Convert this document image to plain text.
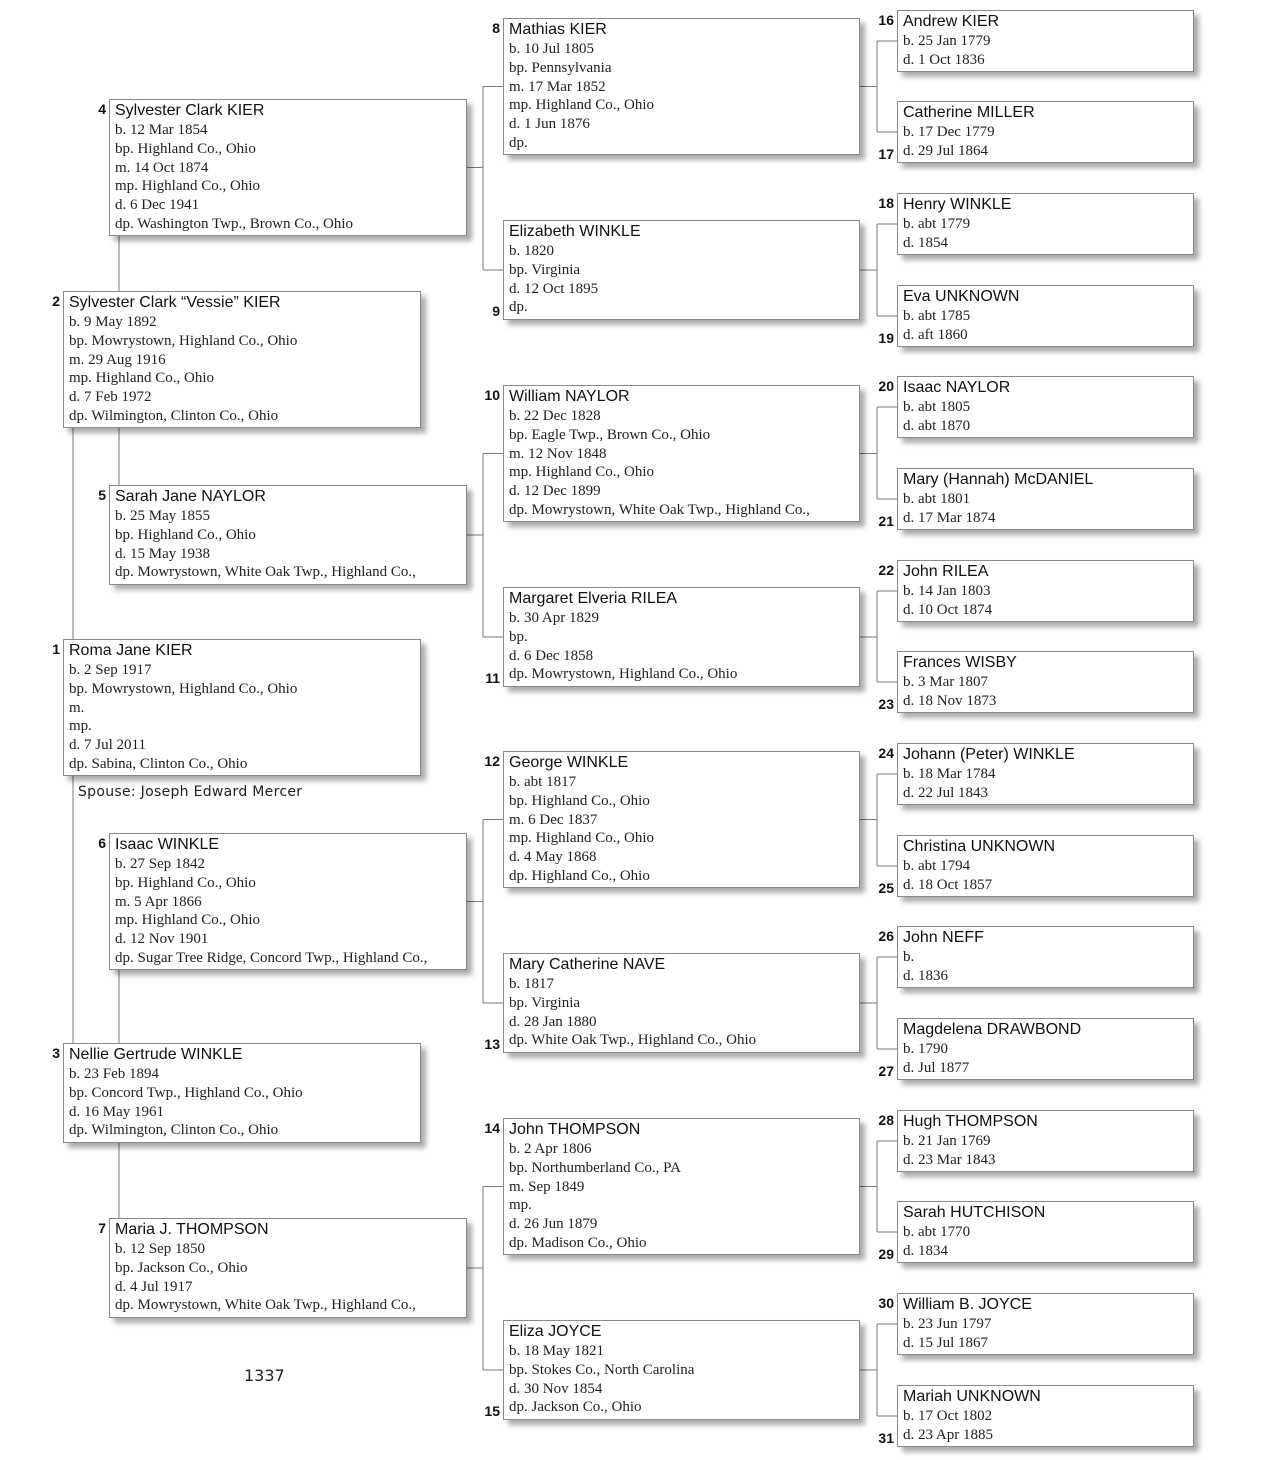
1 Roma Jane KIER
b. 2 Sep 1917
bp. Mowrystown, Highland Co., Ohio
m.
mp.
d. 7 Jul 2011
dp. Sabina, Clinton Co., Ohio
2 Sylvester Clark “Vessie” KIER
b. 9 May 1892
bp. Mowrystown, Highland Co., Ohio
m. 29 Aug 1916
mp. Highland Co., Ohio
d. 7 Feb 1972
dp. Wilmington, Clinton Co., Ohio
3 Nellie Gertrude WINKLE
b. 23 Feb 1894
bp. Concord Twp., Highland Co., Ohio
d. 16 May 1961
dp. Wilmington, Clinton Co., Ohio
4 Sylvester Clark KIER
b. 12 Mar 1854
bp. Highland Co., Ohio
m. 14 Oct 1874
mp. Highland Co., Ohio
d. 6 Dec 1941
dp. Washington Twp., Brown Co., Ohio
5 Sarah Jane NAYLOR
b. 25 May 1855
bp. Highland Co., Ohio
d. 15 May 1938
dp. Mowrystown, White Oak Twp., Highland Co.,
6 Isaac WINKLE
b. 27 Sep 1842
bp. Highland Co., Ohio
m. 5 Apr 1866
mp. Highland Co., Ohio
d. 12 Nov 1901
dp. Sugar Tree Ridge, Concord Twp., Highland Co.,
7 Maria J. THOMPSON
b. 12 Sep 1850
bp. Jackson Co., Ohio
d. 4 Jul 1917
dp. Mowrystown, White Oak Twp., Highland Co.,
8 Mathias KIER
b. 10 Jul 1805
bp. Pennsylvania
m. 17 Mar 1852
mp. Highland Co., Ohio
d. 1 Jun 1876
dp.
9
Elizabeth WINKLE
b. 1820
bp. Virginia
d. 12 Oct 1895
dp.
10 William NAYLOR
b. 22 Dec 1828
bp. Eagle Twp., Brown Co., Ohio
m. 12 Nov 1848
mp. Highland Co., Ohio
d. 12 Dec 1899
dp. Mowrystown, White Oak Twp., Highland Co.,
11
Margaret Elveria RILEA
b. 30 Apr 1829
bp.
d. 6 Dec 1858
dp. Mowrystown, Highland Co., Ohio
12 George WINKLE
b. abt 1817
bp. Highland Co., Ohio
m. 6 Dec 1837
mp. Highland Co., Ohio
d. 4 May 1868
dp. Highland Co., Ohio
13
Mary Catherine NAVE
b. 1817
bp. Virginia
d. 28 Jan 1880
dp. White Oak Twp., Highland Co., Ohio
14 John THOMPSON
b. 2 Apr 1806
bp. Northumberland Co., PA
m. Sep 1849
mp.
d. 26 Jun 1879
dp. Madison Co., Ohio
15
Eliza JOYCE
b. 18 May 1821
bp. Stokes Co., North Carolina
d. 30 Nov 1854
dp. Jackson Co., Ohio
16 Andrew KIER
b. 25 Jan 1779
d. 1 Oct 1836
17
Catherine MILLER
b. 17 Dec 1779
d. 29 Jul 1864
18 Henry WINKLE
b. abt 1779
d. 1854
19
Eva UNKNOWN
b. abt 1785
d. aft 1860
20 Isaac NAYLOR
b. abt 1805
d. abt 1870
21
Mary (Hannah) McDANIEL
b. abt 1801
d. 17 Mar 1874
22 John RILEA
b. 14 Jan 1803
d. 10 Oct 1874
23
Frances WISBY
b. 3 Mar 1807
d. 18 Nov 1873
24 Johann (Peter) WINKLE
b. 18 Mar 1784
d. 22 Jul 1843
25
Christina UNKNOWN
b. abt 1794
d. 18 Oct 1857
26 John NEFF
b.
d. 1836
27
Magdelena DRAWBOND
b. 1790
d. Jul 1877
28 Hugh THOMPSON
b. 21 Jan 1769
d. 23 Mar 1843
29
Sarah HUTCHISON
b. abt 1770
d. 1834
30 William B. JOYCE
b. 23 Jun 1797
d. 15 Jul 1867
31
Mariah UNKNOWN
b. 17 Oct 1802
d. 23 Apr 1885
Spouse: Joseph Edward Mercer
1337
